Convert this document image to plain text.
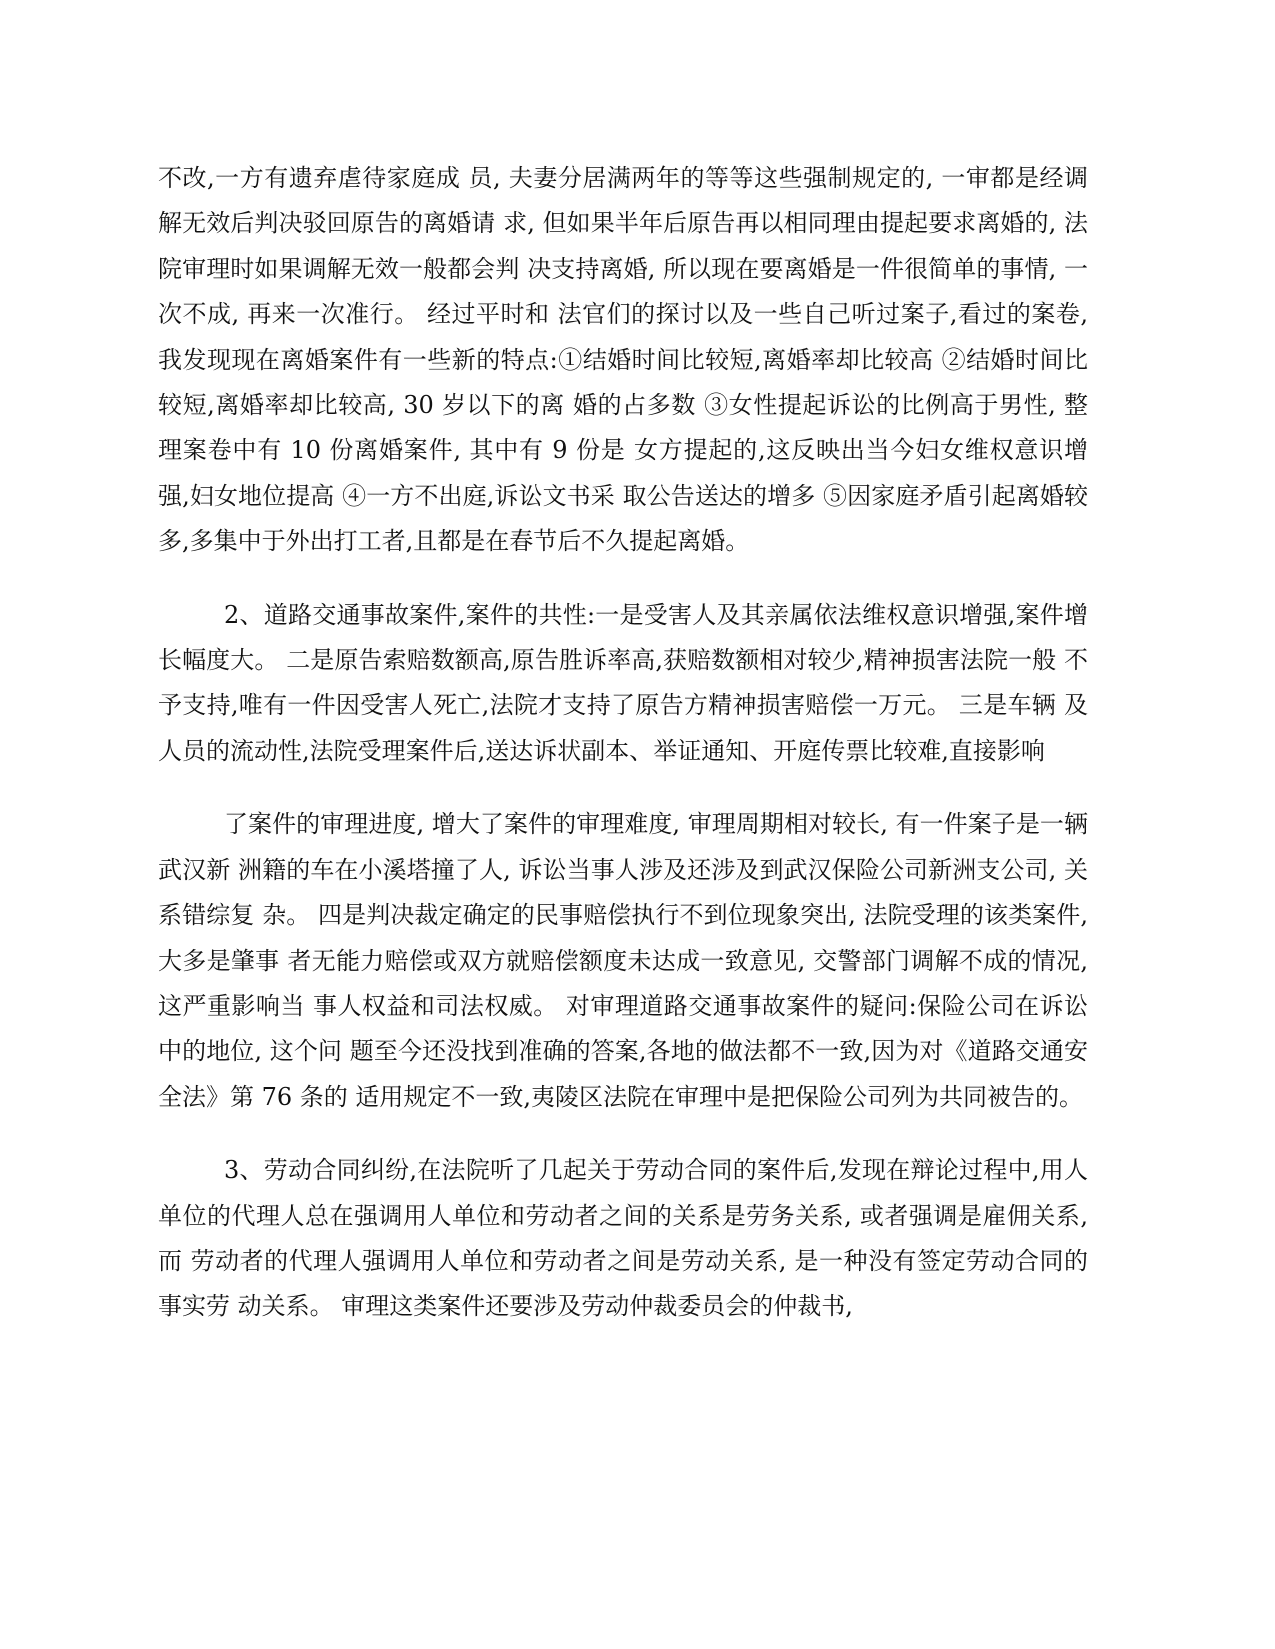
不改,一方有遗弃虐待家庭成 员, 夫妻分居满两年的等等这些强制规定的, 一审都是经调解无效后判决驳回原告的离婚请 求, 但如果半年后原告再以相同理由提起要求离婚的, 法院审理时如果调解无效一般都会判 决支持离婚, 所以现在要离婚是一件很简单的事情, 一次不成, 再来一次准行。 经过平时和 法官们的探讨以及一些自己听过案子,看过的案卷,我发现现在离婚案件有一些新的特点:①结婚时间比较短,离婚率却比较高 ②结婚时间比较短,离婚率却比较高, 30 岁以下的离 婚的占多数 ③女性提起诉讼的比例高于男性, 整理案卷中有 10 份离婚案件, 其中有 9 份是 女方提起的,这反映出当今妇女维权意识增强,妇女地位提高 ④一方不出庭,诉讼文书采 取公告送达的增多 ⑤因家庭矛盾引起离婚较多,多集中于外出打工者,且都是在春节后不久提起离婚。

2、道路交通事故案件,案件的共性:一是受害人及其亲属依法维权意识增强,案件增 长幅度大。 二是原告索赔数额高,原告胜诉率高,获赔数额相对较少,精神损害法院一般 不予支持,唯有一件因受害人死亡,法院才支持了原告方精神损害赔偿一万元。 三是车辆 及人员的流动性,法院受理案件后,送达诉状副本、举证通知、开庭传票比较难,直接影响

了案件的审理进度, 增大了案件的审理难度, 审理周期相对较长, 有一件案子是一辆武汉新 洲籍的车在小溪塔撞了人, 诉讼当事人涉及还涉及到武汉保险公司新洲支公司, 关系错综复 杂。 四是判决裁定确定的民事赔偿执行不到位现象突出, 法院受理的该类案件, 大多是肇事 者无能力赔偿或双方就赔偿额度未达成一致意见, 交警部门调解不成的情况, 这严重影响当 事人权益和司法权威。 对审理道路交通事故案件的疑问:保险公司在诉讼中的地位, 这个问 题至今还没找到准确的答案,各地的做法都不一致,因为对《道路交通安全法》第 76 条的 适用规定不一致,夷陵区法院在审理中是把保险公司列为共同被告的。

3、劳动合同纠纷,在法院听了几起关于劳动合同的案件后,发现在辩论过程中,用人 单位的代理人总在强调用人单位和劳动者之间的关系是劳务关系, 或者强调是雇佣关系, 而 劳动者的代理人强调用人单位和劳动者之间是劳动关系, 是一种没有签定劳动合同的事实劳 动关系。 审理这类案件还要涉及劳动仲裁委员会的仲裁书,
